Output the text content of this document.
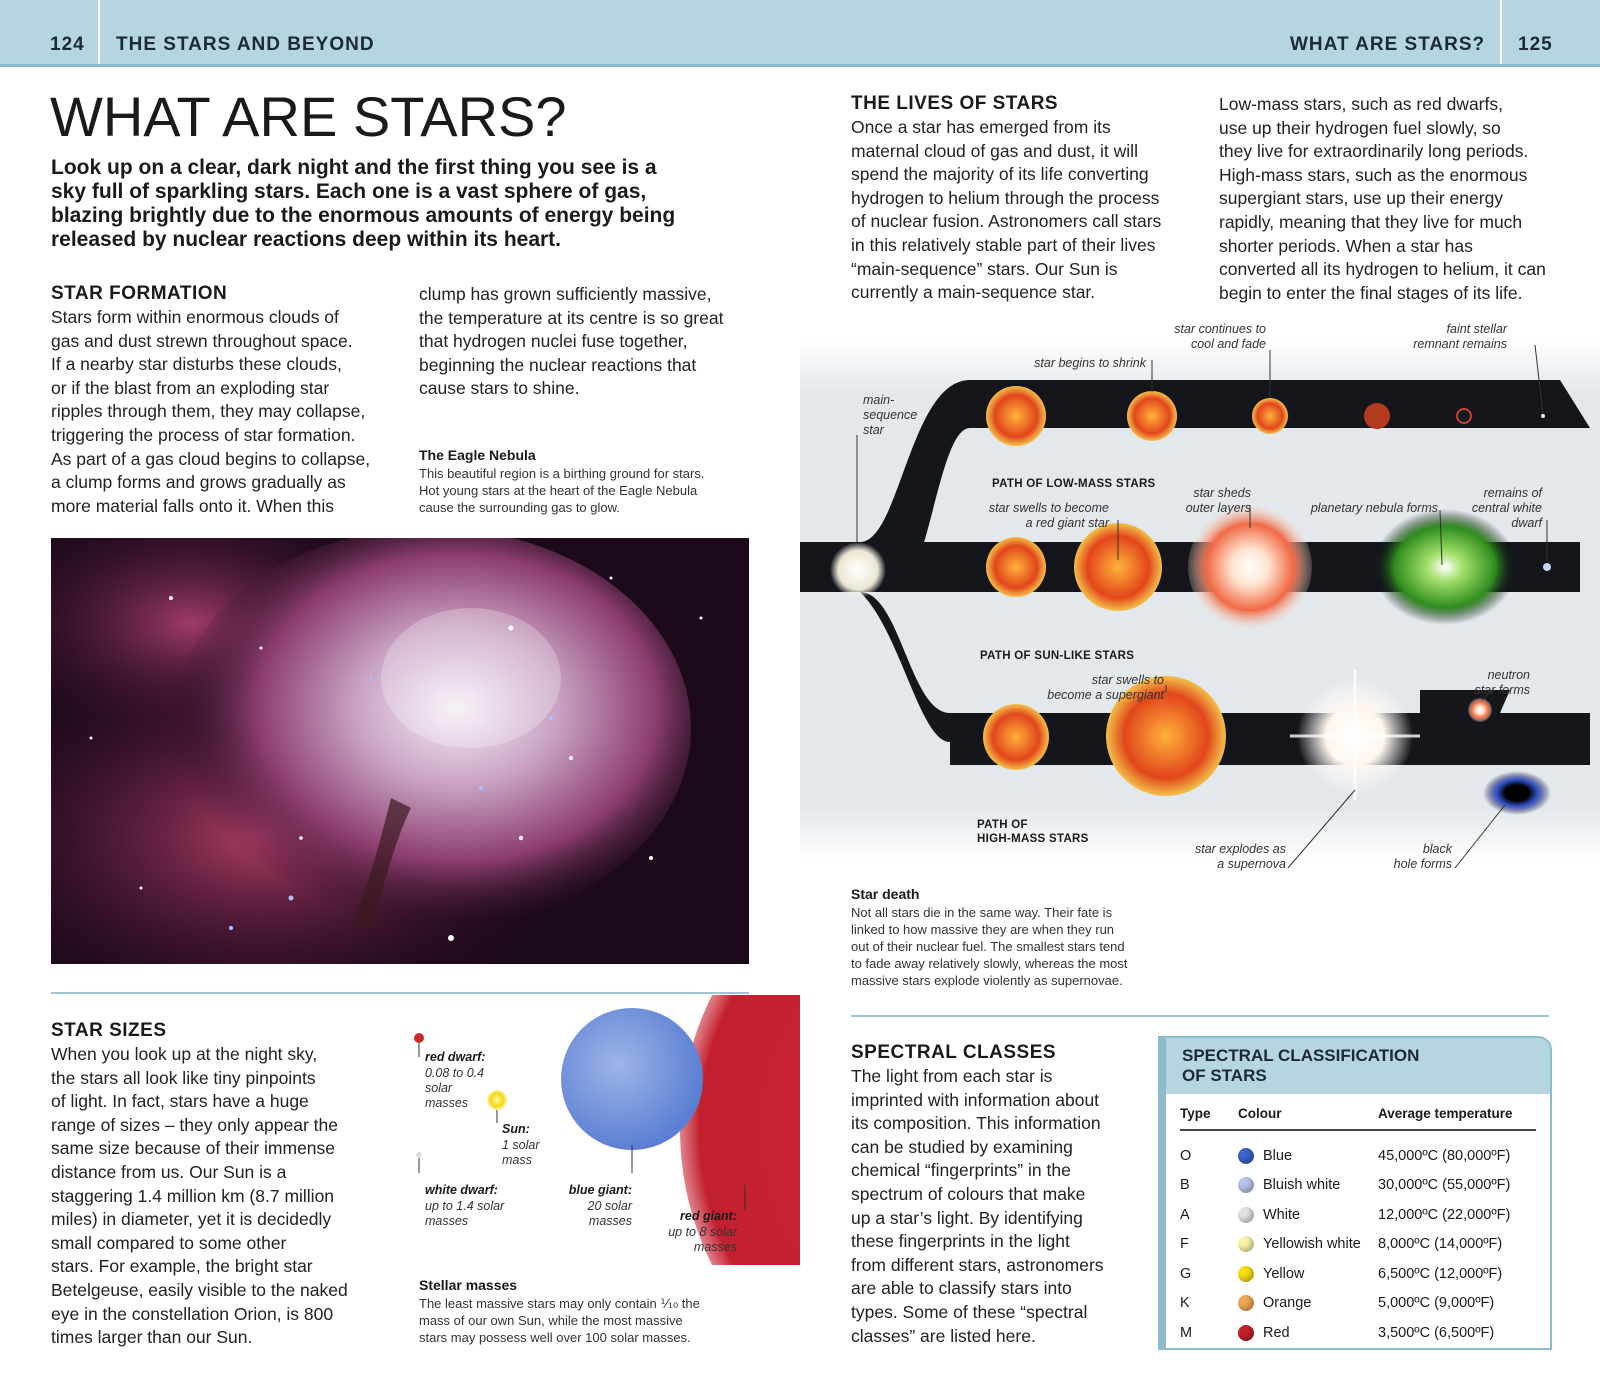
124 THE STARS AND BEYOND	WHAT ARE STARS? 125
WHAT ARE STARS?
Look up on a clear, dark night and the first thing you see is a sky full of sparkling stars. Each one is a vast sphere of gas, blazing brightly due to the enormous amounts of energy being released by nuclear reactions deep within its heart.
STAR FORMATION
Stars form within enormous clouds of
gas and dust strewn throughout space.
If a nearby star disturbs these clouds,
or if the blast from an exploding star
ripples through them, they may collapse,
triggering the process of star formation.
As part of a gas cloud begins to collapse,
a clump forms and grows gradually as
more material falls onto it. When this
clump has grown sufficiently massive,
the temperature at its centre is so great
that hydrogen nuclei fuse together,
beginning the nuclear reactions that
cause stars to shine.
The Eagle Nebula
This beautiful region is a birthing ground for stars.
Hot young stars at the heart of the Eagle Nebula
cause the surrounding gas to glow.
STAR SIZES
When you look up at the night sky,
the stars all look like tiny pinpoints
of light. In fact, stars have a huge
range of sizes – they only appear the
same size because of their immense
distance from us. Our Sun is a
staggering 1.4 million km (8.7 million
miles) in diameter, yet it is decidedly
small compared to some other
stars. For example, the bright star
Betelgeuse, easily visible to the naked
eye in the constellation Orion, is 800
times larger than our Sun.
red dwarf:
0.08 to 0.4
solar
masses
Sun:
1 solar
mass
white dwarf:
up to 1.4 solar
masses
blue giant:
20 solar
masses	red giant:
up to 8 solar
masses
Stellar masses
The least massive stars may only contain ⅒ the
mass of our own Sun, while the most massive
stars may possess well over 100 solar masses.
THE LIVES OF STARS
Once a star has emerged from its
maternal cloud of gas and dust, it will
spend the majority of its life converting
hydrogen to helium through the process
of nuclear fusion. Astronomers call stars
in this relatively stable part of their lives
“main-sequence” stars. Our Sun is
currently a main-sequence star.
Low-mass stars, such as red dwarfs,
use up their hydrogen fuel slowly, so
they live for extraordinarily long periods.
High-mass stars, such as the enormous
supergiant stars, use up their energy
rapidly, meaning that they live for much
shorter periods. When a star has
converted all its hydrogen to helium, it can
begin to enter the final stages of its life.
main-
sequence
star
star begins to shrink
star continues to
cool and fade
faint stellar
remnant remains
PATH OF LOW-MASS STARS
star swells to become
a red giant star
star sheds
outer layers	planetary nebula forms
remains of
central white
dwarf
PATH OF SUN-LIKE STARS
star swells to
become a supergiant
neutron
star forms
PATH OF
HIGH-MASS STARS
star explodes as
a supernova
black
hole forms
Star death
Not all stars die in the same way. Their fate is
linked to how massive they are when they run
out of their nuclear fuel. The smallest stars tend
to fade away relatively slowly, whereas the most
massive stars explode violently as supernovae.
SPECTRAL CLASSES
The light from each star is
imprinted with information about
its composition. This information
can be studied by examining
chemical “fingerprints” in the
spectrum of colours that make
up a star’s light. By identifying
these fingerprints in the light
from different stars, astronomers
are able to classify stars into
types. Some of these “spectral
classes” are listed here.
SPECTRAL CLASSIFICATION
OF STARS
Type	Colour	Average temperature
O	Blue	45,000ºC (80,000ºF)
B	Bluish white	30,000ºC (55,000ºF)
A	White	12,000ºC (22,000ºF)
F	Yellowish white	8,000ºC (14,000ºF)
G	Yellow	6,500ºC (12,000ºF)
K	Orange	5,000ºC (9,000ºF)
M	Red	3,500ºC (6,500ºF)
